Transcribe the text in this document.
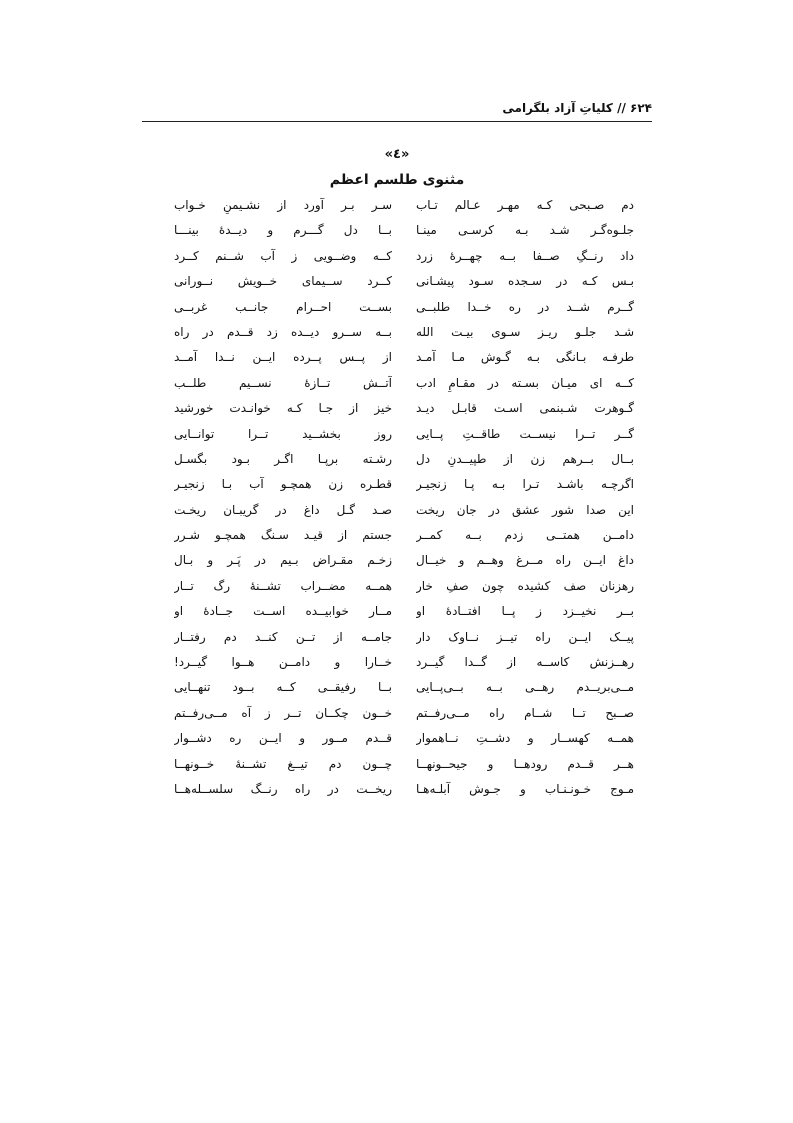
۶۲۴ // کلیاتِ آزاد بلگرامی
«٤»
مثنوی طلسم اعظم
دم صـبحی کـه مهـر عـالم تـاب
سـر بـر آورد از نشـیمنِ خـواب
جلـوه‌گـر شـد بـه کرسـی مینـا
بــا دل گـــرم و دیــدۀ بینـــا
داد رنــگِ صــفا بــه چهــرۀ زرد
کــه وضــویی ز آب شــنم کــرد
بـس کـه در سـجده سـود پیشـانی
کــرد ســیمای خــویش نــورانی
گــرم شــد در ره خــدا طلبــی
بســت احــرام جانــب غربــی
شـد جلـو ریـز سـوی بیـت الله
بــه ســرو دیــده زد قــدم در راه
طرفـه بـانگی بـه گـوش مـا آمـد
از پــس پــرده ایــن نــدا آمــد
کــه ای میـان بسـته در مقـامِ ادب
آتــش تــازۀ نســیم طلــب
گـوهرت شـبنمی اسـت قابـل دیـد
خیز از جـا کـه خوانـدت خورشید
گــر تــرا نیســت طاقــتِ پــایی
روز بخشــید تــرا توانــایی
بــال بــرهم زن از طپیــدنِ دل
رشـته برپـا اگـر بـود بگسـل
اگرچـه باشـد تـرا بـه پـا زنجیـر
قطـره زن همچـو آب بـا زنجیـر
این صدا شور عشق در جان ریخت
صـد گـل داغ در گریبـان ریخـت
دامــن همتــی زدم بــه کمــر
جستم از قیـد سـنگ همچـو شـرر
داغ ایــن راه مــرغ وهــم و خیــال
زخـم مقـراض بـیم در پَـر و بـال
رهزنان صف کشیده چون صفِ خار
همــه مضــراب تشــنۀ رگ تــار
بــر نخیــزد ز پــا افتــادۀ او
مــار خوابیــده اســت جــادۀ او
پیــک ایــن راه تیــز نــاوک دار
جامــه از تــن کنــد دم رفتــار
رهــزنش کاســه از گــدا گیــرد
خــارا و دامــن هــوا گیــرد!
مــی‌بریــدم رهــی بــه بــی‌پــایی
بــا رفیقــی کــه بــود تنهــایی
صــبح تــا شــام راه مــی‌رفــتم
خــون چکــان تــر ز آه مــی‌رفــتم
همــه کهســار و دشــتِ نــاهموار
قــدم مــور و ایــن ره دشــوار
هــر قــدم رودهــا و جیحــونهــا
چــون دم تیــغ تشــنۀ خــونهــا
مـوج خـونـنـاب و جـوش آبلـه‌هـا
ریخــت در راه رنــگ سلســله‌هــا
